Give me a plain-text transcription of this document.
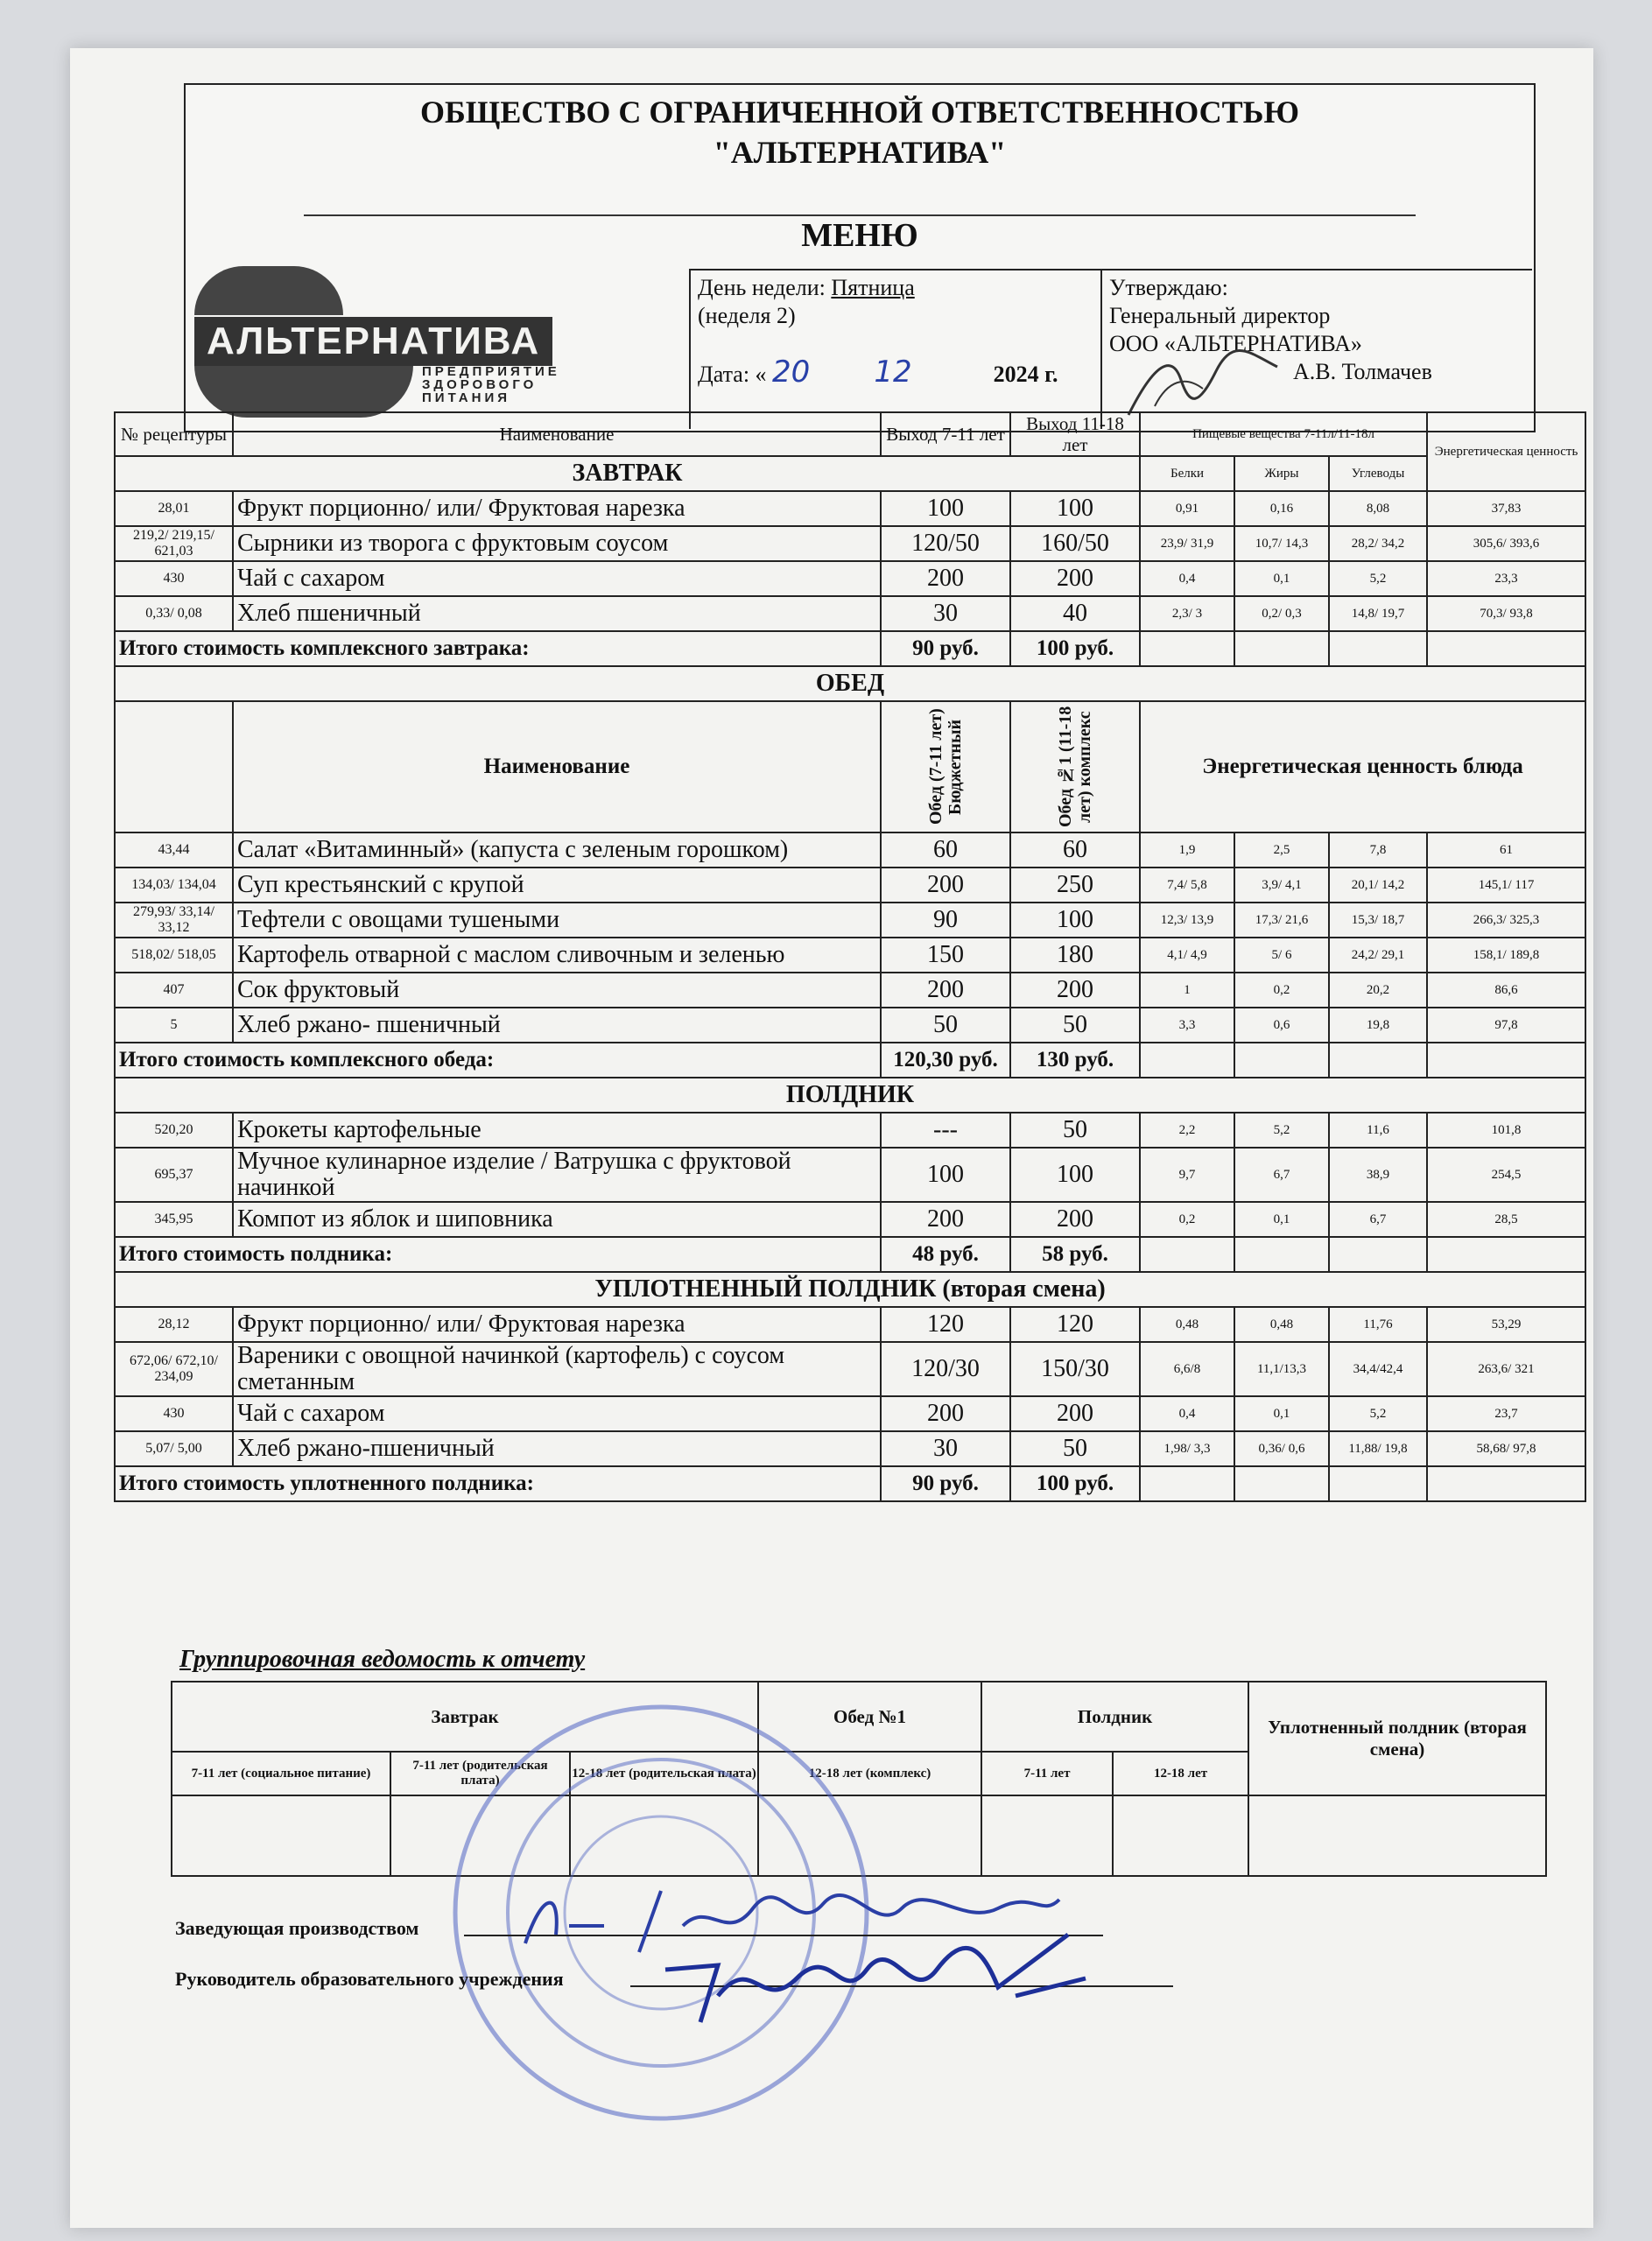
ОБЩЕСТВО С ОГРАНИЧЕННОЙ ОТВЕТСТВЕННОСТЬЮ
"АЛЬТЕРНАТИВА"
МЕНЮ
АЛЬТЕРНАТИВА
ПРЕДПРИЯТИЕ
ЗДОРОВОГО
ПИТАНИЯ
День недели: Пятница
(неделя 2)
Дата: « 20 12	2024 г.
Утверждаю:
Генеральный директор
ООО «АЛЬТЕРНАТИВА»
А.В. Толмачев
№ рецептуры	Наименование	Выход 7-11 лет	Выход 11-18 лет	Пищевые вещества 7-11л/11-18л			Энергетическая ценность

ЗАВТРАК				Белки	Жиры	Углеводы	
28,01	Фрукт порционно/ или/ Фруктовая нарезка	100	100	0,91	0,16	8,08	37,83
219,2/ 219,15/ 621,03	Сырники из творога с фруктовым соусом	120/50	160/50	23,9/ 31,9	10,7/ 14,3	28,2/ 34,2	305,6/ 393,6
430	Чай с сахаром	200	200	0,4	0,1	5,2	23,3
0,33/ 0,08	Хлеб пшеничный	30	40	2,3/ 3	0,2/ 0,3	14,8/ 19,7	70,3/ 93,8
Итого стоимость комплексного завтрака:		90 руб.	100 руб.				
ОБЕД							
	Наименование	Обед (7-11 лет) Бюджетный	Обед №1 (11-18 лет) комплекс	Энергетическая ценность блюда			
43,44	Салат «Витаминный» (капуста с зеленым горошком)	60	60	1,9	2,5	7,8	61
134,03/ 134,04	Суп крестьянский с крупой	200	250	7,4/ 5,8	3,9/ 4,1	20,1/ 14,2	145,1/ 117
279,93/ 33,14/ 33,12	Тефтели с овощами тушеными	90	100	12,3/ 13,9	17,3/ 21,6	15,3/ 18,7	266,3/ 325,3
518,02/ 518,05	Картофель отварной с маслом сливочным и зеленью	150	180	4,1/ 4,9	5/ 6	24,2/ 29,1	158,1/ 189,8
407	Сок фруктовый	200	200	1	0,2	20,2	86,6
5	Хлеб ржано- пшеничный	50	50	3,3	0,6	19,8	97,8
Итого стоимость комплексного обеда:		120,30 руб.	130 руб.				
ПОЛДНИК							
520,20	Крокеты картофельные	---	50	2,2	5,2	11,6	101,8
695,37	Мучное кулинарное изделие / Ватрушка с фруктовой начинкой	100	100	9,7	6,7	38,9	254,5
345,95	Компот из яблок и шиповника	200	200	0,2	0,1	6,7	28,5
Итого стоимость полдника:		48 руб.	58 руб.				
УПЛОТНЕННЫЙ ПОЛДНИК (вторая смена)							
28,12	Фрукт порционно/ или/ Фруктовая нарезка	120	120	0,48	0,48	11,76	53,29
672,06/ 672,10/ 234,09	Вареники с овощной начинкой (картофель) с соусом сметанным	120/30	150/30	6,6/8	11,1/13,3	34,4/42,4	263,6/ 321
430	Чай с сахаром	200	200	0,4	0,1	5,2	23,7
5,07/ 5,00	Хлеб ржано-пшеничный	30	50	1,98/ 3,3	0,36/ 0,6	11,88/ 19,8	58,68/ 97,8
Итого стоимость уплотненного полдника:		90 руб.	100 руб.				
Группировочная ведомость к отчету
Завтрак			Обед №1	Полдник		Уплотненный полдник (вторая смена)
7-11 лет (социальное питание)	7-11 лет (родительская плата)	12-18 лет (родительская плата)	12-18 лет (комплекс)	7-11 лет	12-18 лет	

Заведующая производством
Руководитель образовательного учреждения
